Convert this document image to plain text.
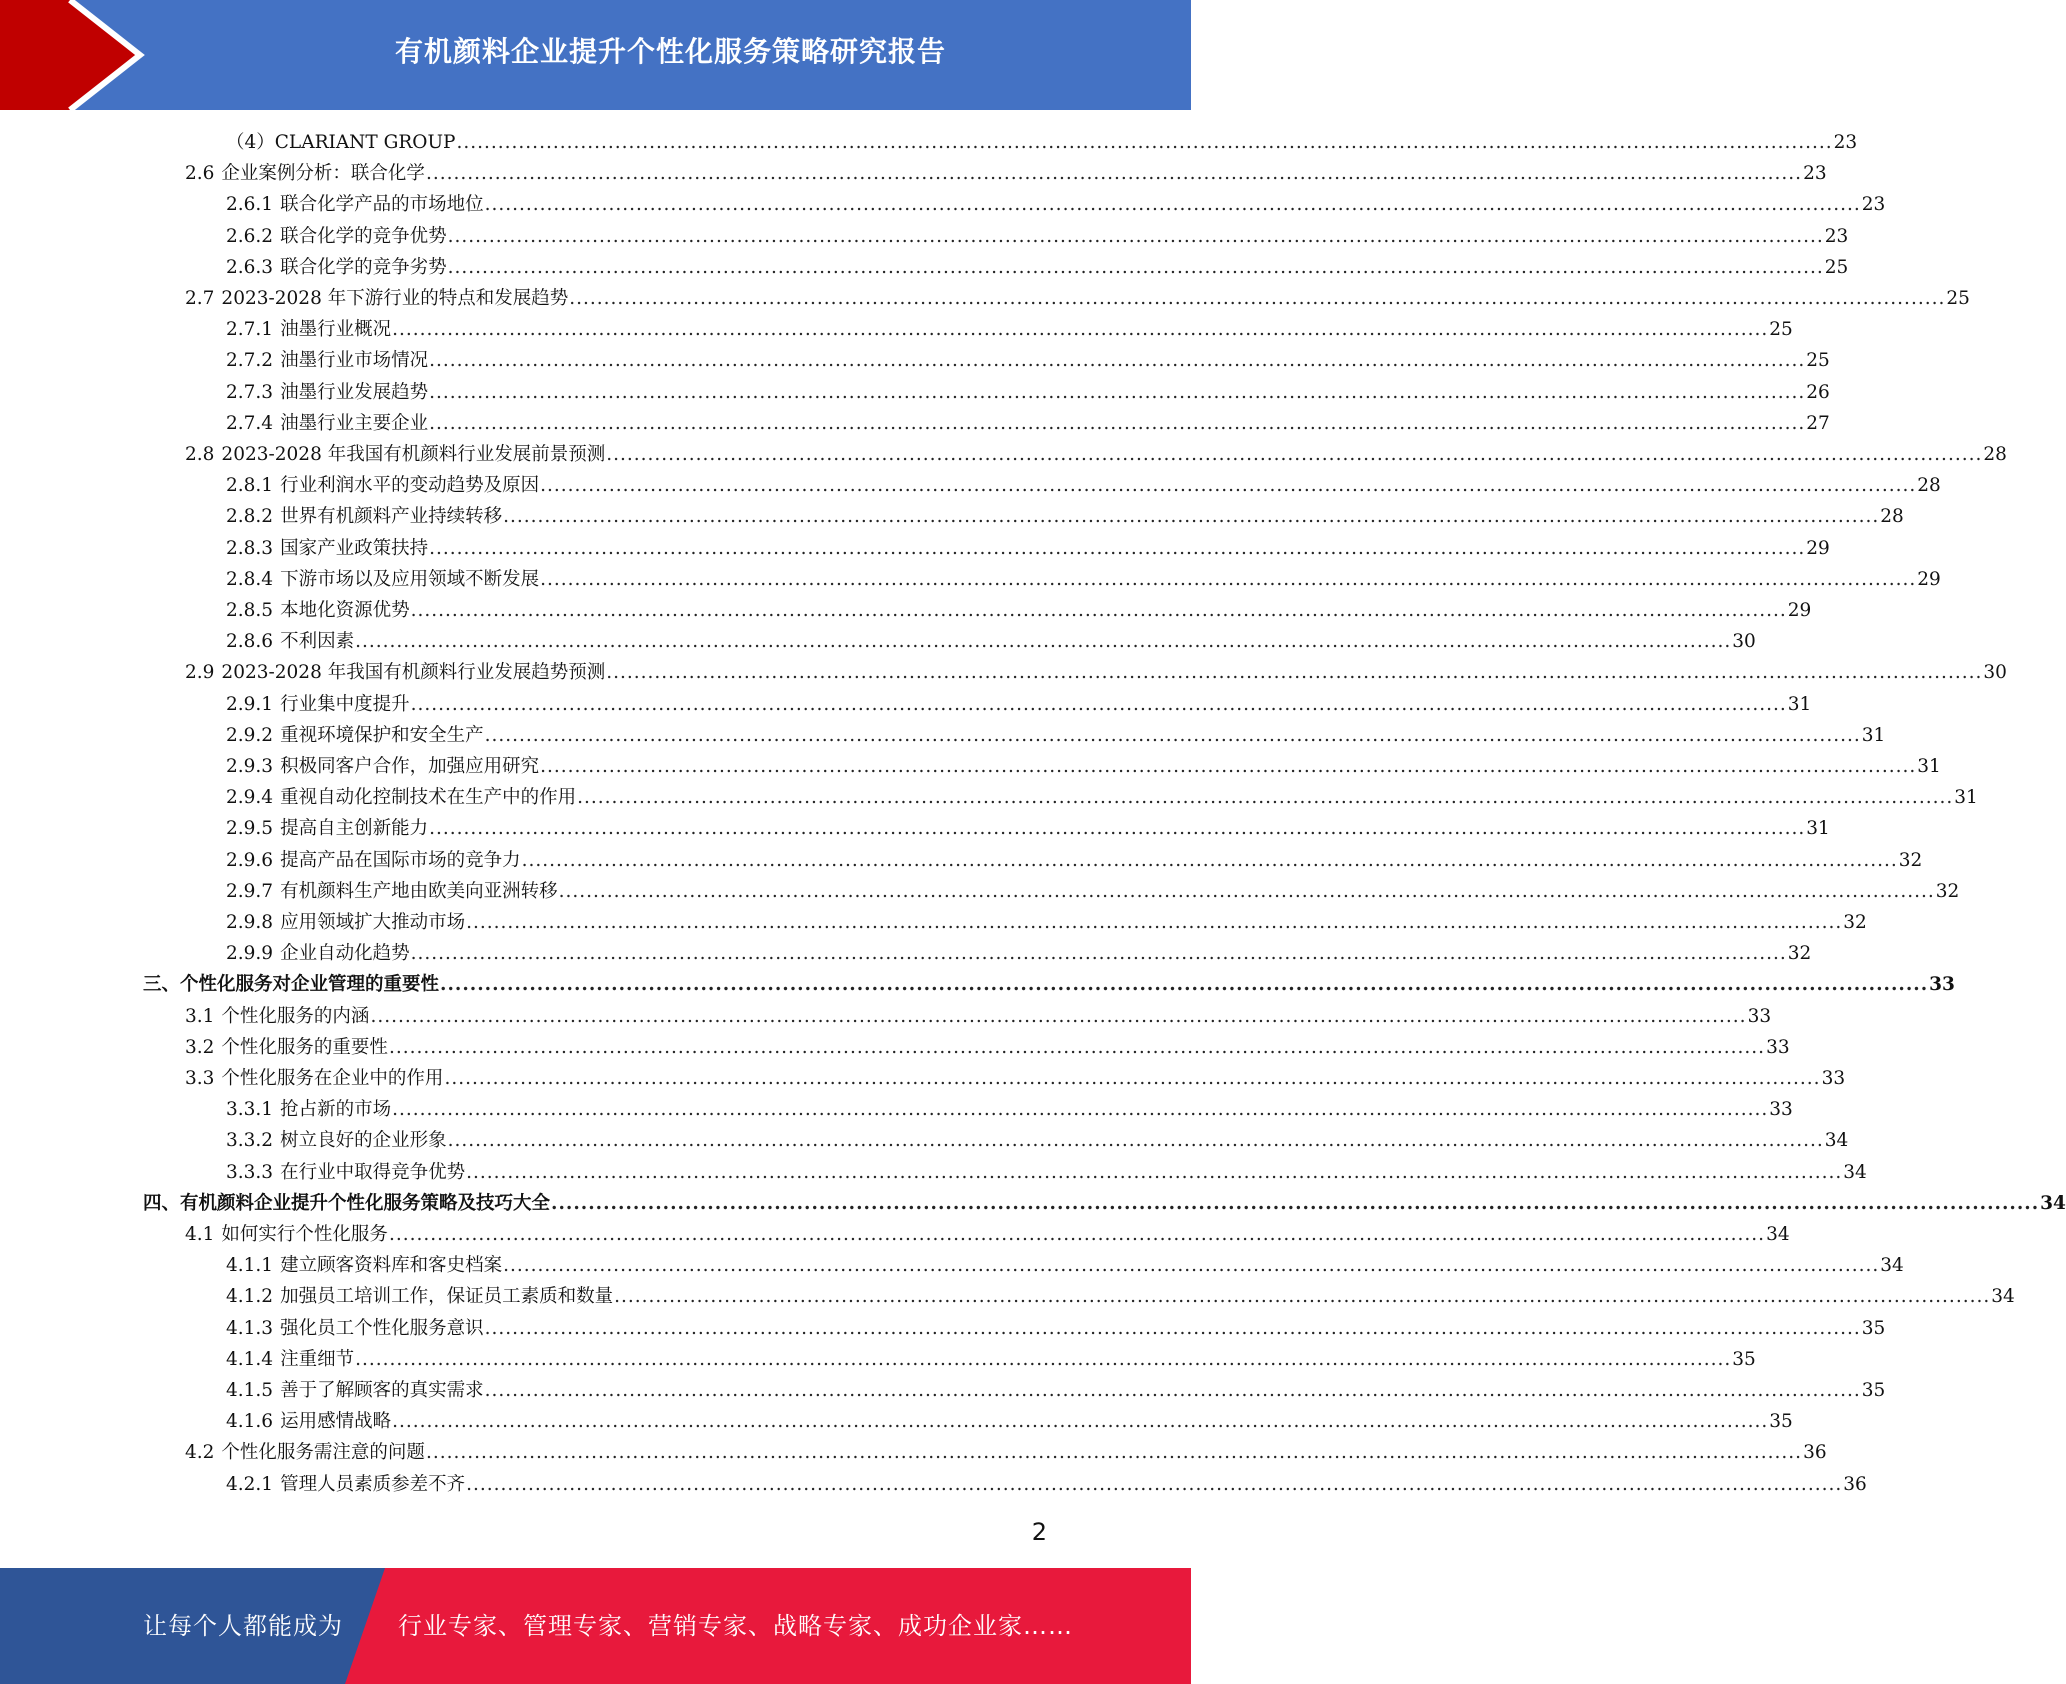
有机颜料企业提升个性化服务策略研究报告
（4） CLARIANT GROUP ........................................................................................................................................................................................................ 23
2.6 企业案例分析：联合化学 ........................................................................................................................................................................................................ 23
2.6.1 联合化学产品的市场地位 ........................................................................................................................................................................................................ 23
2.6.2 联合化学的竞争优势 ........................................................................................................................................................................................................ 23
2.6.3 联合化学的竞争劣势 ........................................................................................................................................................................................................ 25
2.7 2023-2028 年下游行业的特点和发展趋势 ........................................................................................................................................................................................................ 25
2.7.1 油墨行业概况 ........................................................................................................................................................................................................ 25
2.7.2 油墨行业市场情况 ........................................................................................................................................................................................................ 25
2.7.3 油墨行业发展趋势 ........................................................................................................................................................................................................ 26
2.7.4 油墨行业主要企业 ........................................................................................................................................................................................................ 27
2.8 2023-2028 年我国有机颜料行业发展前景预测 ........................................................................................................................................................................................................ 28
2.8.1 行业利润水平的变动趋势及原因 ........................................................................................................................................................................................................ 28
2.8.2 世界有机颜料产业持续转移 ........................................................................................................................................................................................................ 28
2.8.3 国家产业政策扶持 ........................................................................................................................................................................................................ 29
2.8.4 下游市场以及应用领域不断发展 ........................................................................................................................................................................................................ 29
2.8.5 本地化资源优势 ........................................................................................................................................................................................................ 29
2.8.6 不利因素 ........................................................................................................................................................................................................ 30
2.9 2023-2028 年我国有机颜料行业发展趋势预测 ........................................................................................................................................................................................................ 30
2.9.1 行业集中度提升 ........................................................................................................................................................................................................ 31
2.9.2 重视环境保护和安全生产 ........................................................................................................................................................................................................ 31
2.9.3 积极同客户合作，加强应用研究 ........................................................................................................................................................................................................ 31
2.9.4 重视自动化控制技术在生产中的作用 ........................................................................................................................................................................................................ 31
2.9.5 提高自主创新能力 ........................................................................................................................................................................................................ 31
2.9.6 提高产品在国际市场的竞争力 ........................................................................................................................................................................................................ 32
2.9.7 有机颜料生产地由欧美向亚洲转移 ........................................................................................................................................................................................................ 32
2.9.8 应用领域扩大推动市场 ........................................................................................................................................................................................................ 32
2.9.9 企业自动化趋势 ........................................................................................................................................................................................................ 32
三、 个性化服务对企业管理的重要性 ........................................................................................................................................................................................................ 33
3.1 个性化服务的内涵 ........................................................................................................................................................................................................ 33
3.2 个性化服务的重要性 ........................................................................................................................................................................................................ 33
3.3 个性化服务在企业中的作用 ........................................................................................................................................................................................................ 33
3.3.1 抢占新的市场 ........................................................................................................................................................................................................ 33
3.3.2 树立良好的企业形象 ........................................................................................................................................................................................................ 34
3.3.3 在行业中取得竞争优势 ........................................................................................................................................................................................................ 34
四、 有机颜料企业提升个性化服务策略及技巧大全 ........................................................................................................................................................................................................ 34
4.1 如何实行个性化服务 ........................................................................................................................................................................................................ 34
4.1.1 建立顾客资料库和客史档案 ........................................................................................................................................................................................................ 34
4.1.2 加强员工培训工作，保证员工素质和数量 ........................................................................................................................................................................................................ 34
4.1.3 强化员工个性化服务意识 ........................................................................................................................................................................................................ 35
4.1.4 注重细节 ........................................................................................................................................................................................................ 35
4.1.5 善于了解顾客的真实需求 ........................................................................................................................................................................................................ 35
4.1.6 运用感情战略 ........................................................................................................................................................................................................ 35
4.2 个性化服务需注意的问题 ........................................................................................................................................................................................................ 36
4.2.1 管理人员素质参差不齐 ........................................................................................................................................................................................................ 36
2
让每个人都能成为 行业专家、管理专家、营销专家、战略专家、成功企业家……
